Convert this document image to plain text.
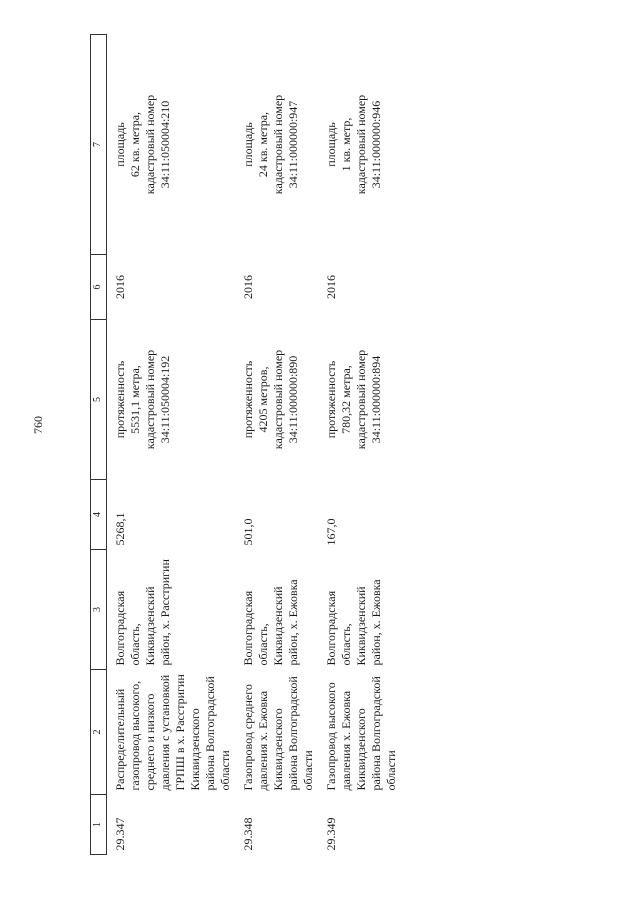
760
1	2	3	4	5	6	7
29.347	Распределительный газопровод высокого, среднего и низкого давления с установкой ГРПШ в х. Расстригин Киквидзенского района Волгоградской области	Волгоградская область, Киквидзенский район, х. Расстригин	5268,1	протяженность
5531,1 метра,
кадастровый номер
34:11:050004:192	2016	площадь
62 кв. метра,
кадастровый номер
34:11:050004:210
29.348	Газопровод среднего давления х. Ежовка Киквидзенского района Волгоградской области	Волгоградская область, Киквидзенский район, х. Ежовка	501,0	протяженность
4205 метров,
кадастровый номер
34:11:000000:890	2016	площадь
24 кв. метра,
кадастровый номер
34:11:000000:947
29.349	Газопровод высокого давления х. Ежовка Киквидзенского района Волгоградской области	Волгоградская область, Киквидзенский район, х. Ежовка	167,0	протяженность
780,32 метра,
кадастровый номер
34:11:000000:894	2016	площадь
1 кв. метр,
кадастровый номер
34:11:000000:946
